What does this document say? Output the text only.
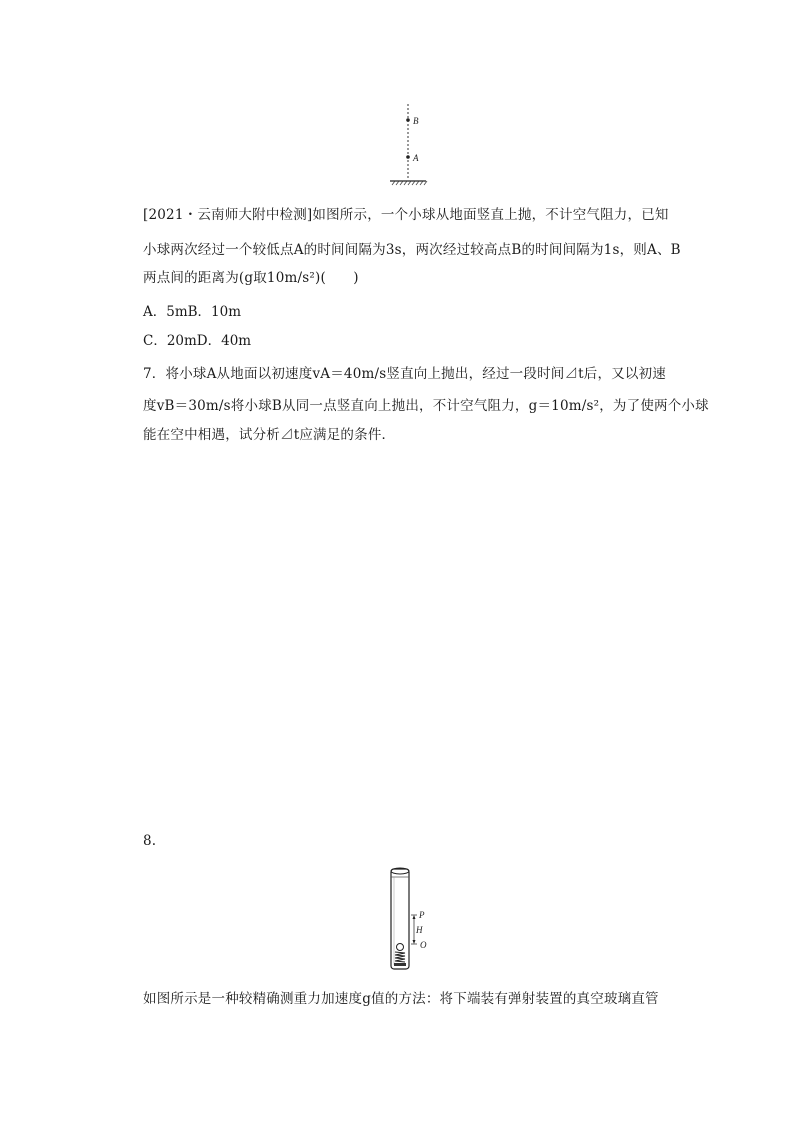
B
A
[2021・云南师大附中检测]如图所示，一个小球从地面竖直上抛，不计空气阻力，已知
小球两次经过一个较低点A的时间间隔为3s，两次经过较高点B的时间间隔为1s，则A、B
两点间的距离为(g取10m/s²)(　　)
A．5mB．10m
C．20mD．40m
7．将小球A从地面以初速度vA＝40m/s竖直向上抛出，经过一段时间⊿t后，又以初速
度vB＝30m/s将小球B从同一点竖直向上抛出，不计空气阻力，g＝10m/s²，为了使两个小球
能在空中相遇，试分析⊿t应满足的条件．
8.
P
H
O
如图所示是一种较精确测重力加速度g值的方法：将下端装有弹射装置的真空玻璃直管
